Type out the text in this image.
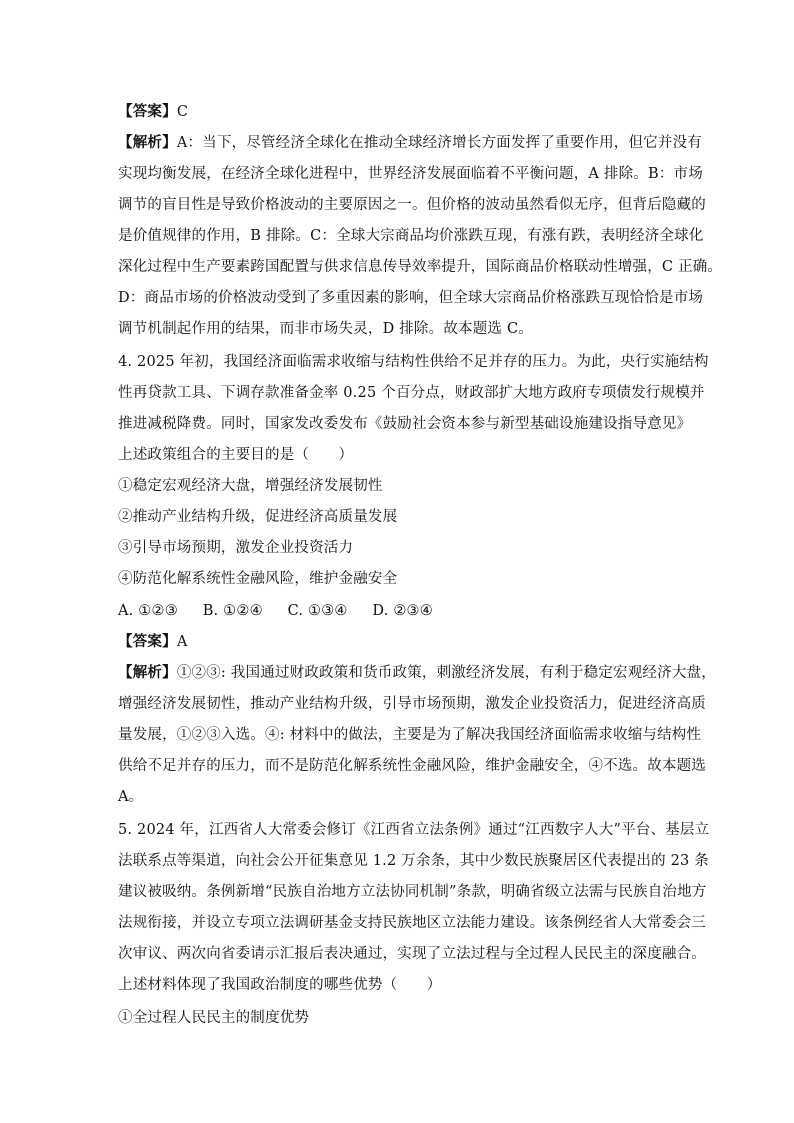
【答案】C
【解析】A：当下，尽管经济全球化在推动全球经济增长方面发挥了重要作用，但它并没有
实现均衡发展，在经济全球化进程中，世界经济发展面临着不平衡问题，A 排除。B：市场
调节的盲目性是导致价格波动的主要原因之一。但价格的波动虽然看似无序，但背后隐藏的
是价值规律的作用，B 排除。C：全球大宗商品均价涨跌互现，有涨有跌，表明经济全球化
深化过程中生产要素跨国配置与供求信息传导效率提升，国际商品价格联动性增强，C 正确。
D：商品市场的价格波动受到了多重因素的影响，但全球大宗商品价格涨跌互现恰恰是市场
调节机制起作用的结果，而非市场失灵，D 排除。故本题选 C。
4. 2025 年初，我国经济面临需求收缩与结构性供给不足并存的压力。为此，央行实施结构
性再贷款工具、下调存款准备金率 0.25 个百分点，财政部扩大地方政府专项债发行规模并
推进减税降费。同时，国家发改委发布《鼓励社会资本参与新型基础设施建设指导意见》
上述政策组合的主要目的是（　　）
①稳定宏观经济大盘，增强经济发展韧性
②推动产业结构升级，促进经济高质量发展
③引导市场预期，激发企业投资活力
④防范化解系统性金融风险，维护金融安全
A. ①②③ B. ①②④ C. ①③④ D. ②③④
【答案】A
【解析】①②③: 我国通过财政政策和货币政策，刺激经济发展，有利于稳定宏观经济大盘，
增强经济发展韧性，推动产业结构升级，引导市场预期，激发企业投资活力，促进经济高质
量发展，①②③入选。④: 材料中的做法，主要是为了解决我国经济面临需求收缩与结构性
供给不足并存的压力，而不是防范化解系统性金融风险，维护金融安全，④不选。故本题选
A。
5. 2024 年，江西省人大常委会修订《江西省立法条例》通过“江西数字人大”平台、基层立
法联系点等渠道，向社会公开征集意见 1.2 万余条，其中少数民族聚居区代表提出的 23 条
建议被吸纳。条例新增“民族自治地方立法协同机制”条款，明确省级立法需与民族自治地方
法规衔接，并设立专项立法调研基金支持民族地区立法能力建设。该条例经省人大常委会三
次审议、两次向省委请示汇报后表决通过，实现了立法过程与全过程人民民主的深度融合。
上述材料体现了我国政治制度的哪些优势（　　）
①全过程人民民主的制度优势
